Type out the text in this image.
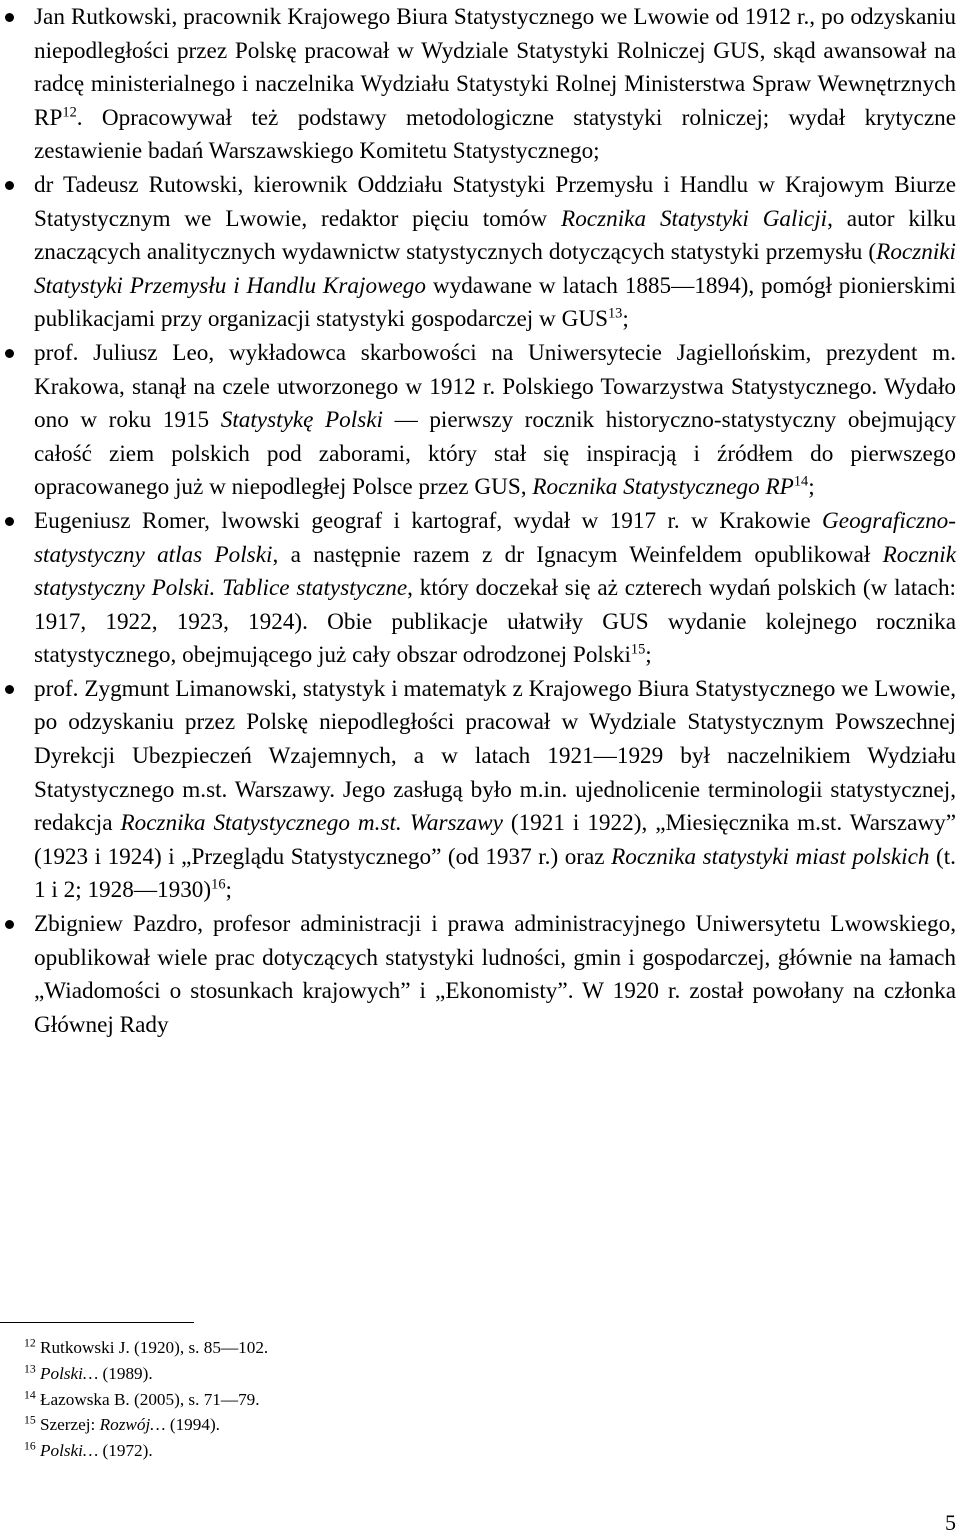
Jan Rutkowski, pracownik Krajowego Biura Statystycznego we Lwowie od 1912 r., po odzyskaniu niepodległości przez Polskę pracował w Wydziale Statystyki Rolniczej GUS, skąd awansował na radcę ministerialnego i naczelnika Wydziału Statystyki Rolnej Ministerstwa Spraw Wewnętrznych RP$^{12}$. Opracowywał też podstawy metodologiczne statystyki rolniczej; wydał krytyczne zestawienie badań Warszawskiego Komitetu Statystycznego;
dr Tadeusz Rutowski, kierownik Oddziału Statystyki Przemysłu i Handlu w Krajowym Biurze Statystycznym we Lwowie, redaktor pięciu tomów Rocznika Statystyki Galicji, autor kilku znaczących analitycznych wydawnictw statystycznych dotyczących statystyki przemysłu (Roczniki Statystyki Przemysłu i Handlu Krajowego wydawane w latach 1885—1894), pomógł pionierskimi publikacjami przy organizacji statystyki gospodarczej w GUS$^{13}$;
prof. Juliusz Leo, wykładowca skarbowości na Uniwersytecie Jagiellońskim, prezydent m. Krakowa, stanął na czele utworzonego w 1912 r. Polskiego Towarzystwa Statystycznego. Wydało ono w roku 1915 Statystykę Polski — pierwszy rocznik historyczno-statystyczny obejmujący całość ziem polskich pod zaborami, który stał się inspiracją i źródłem do pierwszego opracowanego już w niepodległej Polsce przez GUS, Rocznika Statystycznego RP$^{14}$;
Eugeniusz Romer, lwowski geograf i kartograf, wydał w 1917 r. w Krakowie Geograficzno-statystyczny atlas Polski, a następnie razem z dr Ignacym Weinfeldem opublikował Rocznik statystyczny Polski. Tablice statystyczne, który doczekał się aż czterech wydań polskich (w latach: 1917, 1922, 1923, 1924). Obie publikacje ułatwiły GUS wydanie kolejnego rocznika statystycznego, obejmującego już cały obszar odrodzonej Polski$^{15}$;
prof. Zygmunt Limanowski, statystyk i matematyk z Krajowego Biura Statystycznego we Lwowie, po odzyskaniu przez Polskę niepodległości pracował w Wydziale Statystycznym Powszechnej Dyrekcji Ubezpieczeń Wzajemnych, a w latach 1921—1929 był naczelnikiem Wydziału Statystycznego m.st. Warszawy. Jego zasługą było m.in. ujednolicenie terminologii statystycznej, redakcja Rocznika Statystycznego m.st. Warszawy (1921 i 1922), „Miesięcznika m.st. Warszawy” (1923 i 1924) i „Przeglądu Statystycznego” (od 1937 r.) oraz Rocznika statystyki miast polskich (t. 1 i 2; 1928—1930)$^{16}$;
Zbigniew Pazdro, profesor administracji i prawa administracyjnego Uniwersytetu Lwowskiego, opublikował wiele prac dotyczących statystyki ludności, gmin i gospodarczej, głównie na łamach „Wiadomości o stosunkach krajowych” i „Ekonomisty”. W 1920 r. został powołany na członka Głównej Rady
$^{12}$ Rutkowski J. (1920), s. 85—102.
$^{13}$ Polski… (1989).
$^{14}$ Łazowska B. (2005), s. 71—79.
$^{15}$ Szerzej: Rozwój… (1994).
$^{16}$ Polski… (1972).
5
